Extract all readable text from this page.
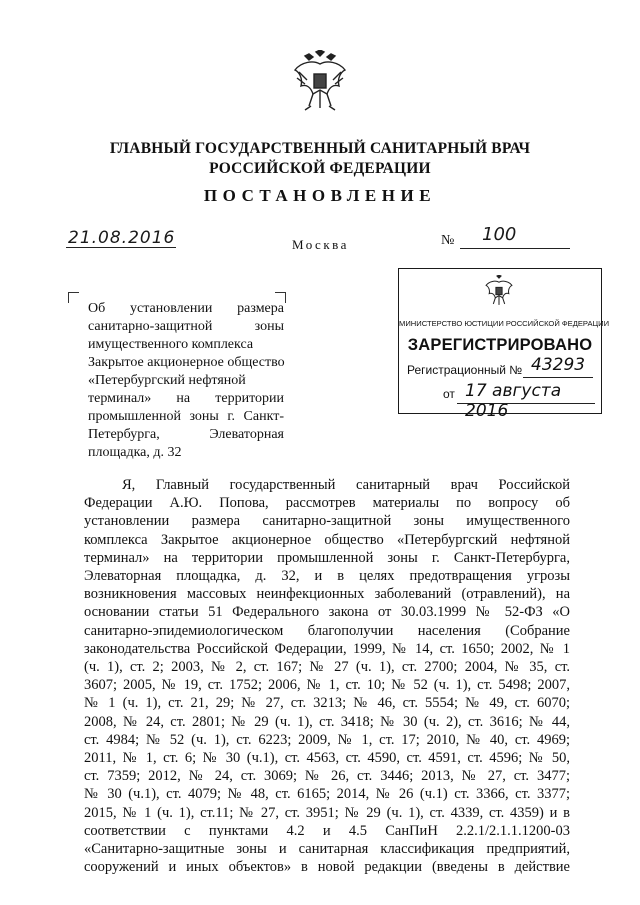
ГЛАВНЫЙ ГОСУДАРСТВЕННЫЙ САНИТАРНЫЙ ВРАЧ
РОССИЙСКОЙ ФЕДЕРАЦИИ
ПОСТАНОВЛЕНИЕ
21.08.2016	Москва	№ 100
Об установлении размера
санитарно-защитной зоны
имущественного комплекса
Закрытое акционерное общество
«Петербургский нефтяной
терминал» на территории
промышленной зоны г. Санкт-
Петербурга, Элеваторная
площадка, д. 32
МИНИСТЕРСТВО ЮСТИЦИИ РОССИЙСКОЙ ФЕДЕРАЦИИ
ЗАРЕГИСТРИРОВАНО
Регистрационный № 43293
от 17 августа 2016
Я, Главный государственный санитарный врач Российской
Федерации А.Ю. Попова, рассмотрев материалы по вопросу об
установлении размера санитарно-защитной зоны имущественного
комплекса Закрытое акционерное общество «Петербургский нефтяной
терминал» на территории промышленной зоны г. Санкт-Петербурга,
Элеваторная площадка, д. 32, и в целях предотвращения угрозы
возникновения массовых неинфекционных заболеваний (отравлений), на
основании статьи 51 Федерального закона от 30.03.1999 № 52-ФЗ «О
санитарно-эпидемиологическом благополучии населения (Собрание
законодательства Российской Федерации, 1999, № 14, ст. 1650; 2002, № 1
(ч. 1), ст. 2; 2003, № 2, ст. 167; № 27 (ч. 1), ст. 2700; 2004, № 35, ст.
3607; 2005, № 19, ст. 1752; 2006, № 1, ст. 10; № 52 (ч. 1), ст. 5498; 2007,
№ 1 (ч. 1), ст. 21, 29; № 27, ст. 3213; № 46, ст. 5554; № 49, ст. 6070;
2008, № 24, ст. 2801; № 29 (ч. 1), ст. 3418; № 30 (ч. 2), ст. 3616; № 44,
ст. 4984; № 52 (ч. 1), ст. 6223; 2009, № 1, ст. 17; 2010, № 40, ст. 4969;
2011, № 1, ст. 6; № 30 (ч.1), ст. 4563, ст. 4590, ст. 4591, ст. 4596; № 50,
ст. 7359; 2012, № 24, ст. 3069; № 26, ст. 3446; 2013, № 27, ст. 3477;
№ 30 (ч.1), ст. 4079; № 48, ст. 6165; 2014, № 26 (ч.1) ст. 3366, ст. 3377;
2015, № 1 (ч. 1), ст.11; № 27, ст. 3951; № 29 (ч. 1), ст. 4339, ст. 4359) и в
соответствии с пунктами 4.2 и 4.5 СанПиН 2.2.1/2.1.1.1200-03
«Санитарно-защитные зоны и санитарная классификация предприятий,
сооружений и иных объектов» в новой редакции (введены в действие
